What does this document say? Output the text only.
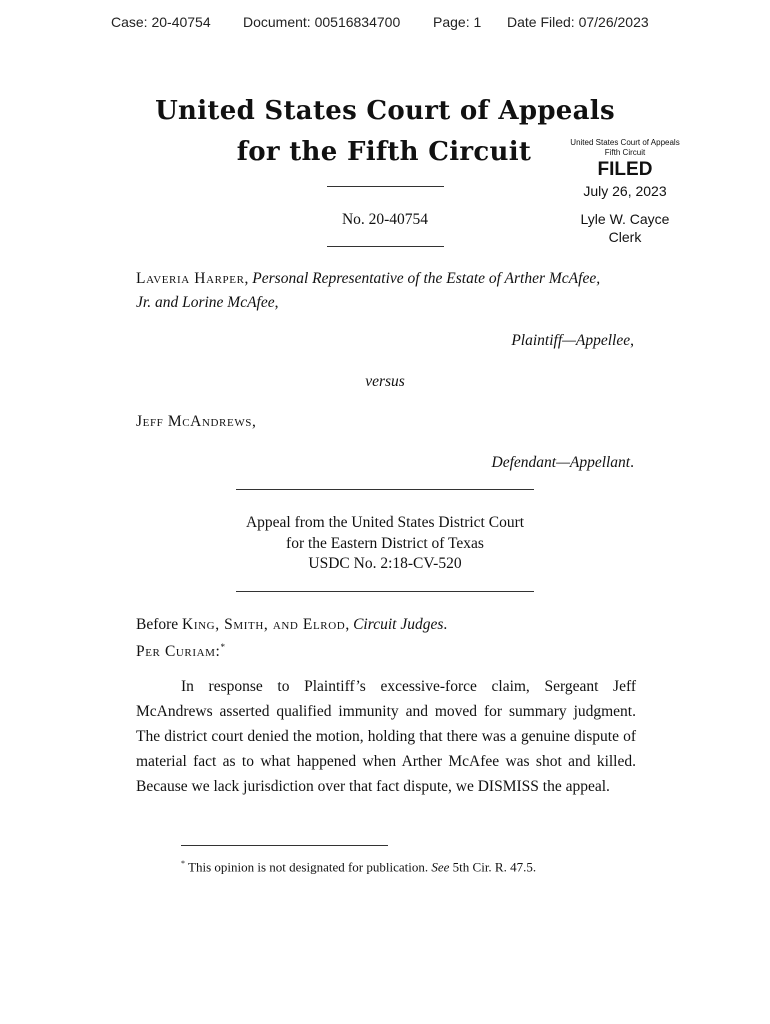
Case: 20-40754 Document: 00516834700 Page: 1 Date Filed: 07/26/2023
United States Court of Appeals
for the Fifth Circuit	United States Court of Appeals
Fifth Circuit
FILED
July 26, 2023
Lyle W. Cayce
Clerk
No. 20-40754
Laveria Harper, Personal Representative of the Estate of Arther McAfee,
Jr. and Lorine McAfee,
Plaintiff—Appellee,
versus
Jeff McAndrews,
Defendant—Appellant.
Appeal from the United States District Court
for the Eastern District of Texas
USDC No. 2:18-CV-520
Before King, Smith, and Elrod, Circuit Judges.
Per Curiam:*

In response to Plaintiff’s excessive-force claim, Sergeant Jeff McAndrews asserted qualified immunity and moved for summary judgment. The district court denied the motion, holding that there was a genuine dispute of material fact as to what happened when Arther McAfee was shot and killed. Because we lack jurisdiction over that fact dispute, we DISMISS the appeal.

* This opinion is not designated for publication. See 5th Cir. R. 47.5.
